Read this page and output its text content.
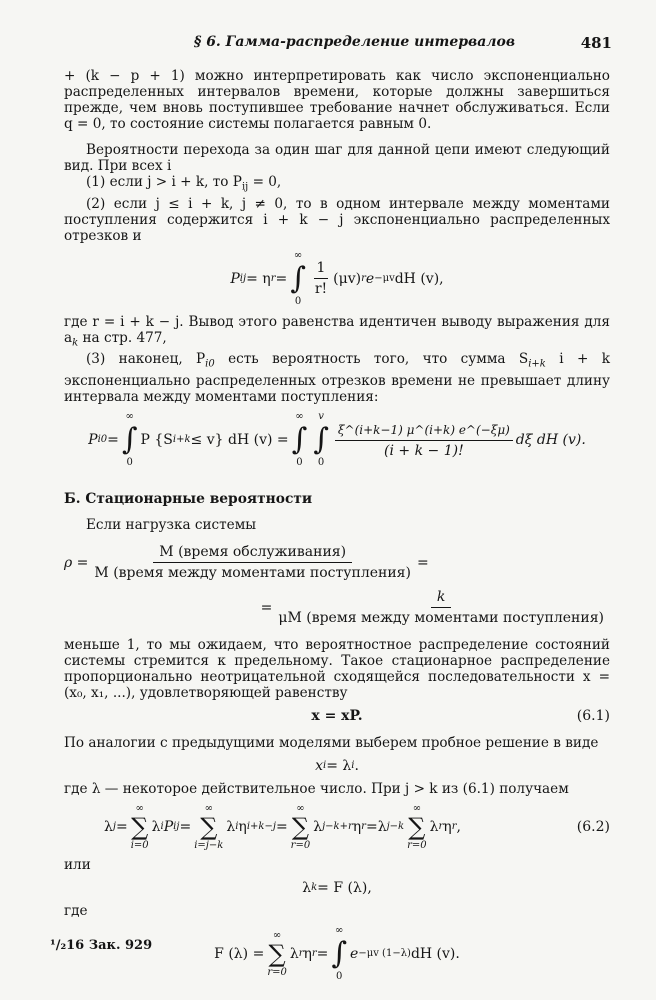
§ 6. Гамма-распределение интервалов	481

+ (k − p + 1) можно интерпретировать как число экспоненциально распределенных интервалов времени, которые должны завершиться прежде, чем вновь поступившее требование начнет обслуживаться. Если q = 0, то состояние системы полагается равным 0.

Вероятности перехода за один шаг для данной цепи имеют следующий вид. При всех i

(1) если j > i + k, то $P_{ij} = 0$,

(2) если j ≤ i + k, j ≠ 0, то в одном интервале между моментами поступления содержится i + k − j экспоненциально распределенных отрезков и

P ij = η r =
∞
∫
0
$\frac{1}{r!} (\mu v)$ r e −μv dH (v),

где r = i + k − j. Вывод этого равенства идентичен выводу выражения для $a_k$ на стр. 477,

(3) наконец, $P_{i0}$ есть вероятность того, что сумма $S_{i+k}$ i + k экспоненциально распределенных отрезков времени не превышает длину интервала между моментами поступления:

P i0 =
∞
∫
0
P {S i+k ≤ v} dH (v) =
∞
∫
0
v
∫
0
$\frac{\xi\^{}(i+k-1) \mu\^{}(i+k) e\^{}(-\xi\mu)}{(i + k - 1)!}$ dξ dH (v).

Б. Стационарные вероятности

Если нагрузка системы

$\rho = \frac{\text{M (время обслуживания)}}{\text{M (время между моментами поступления)}}$ =
= $\frac{k}{\text{μM (время между моментами поступления)}}$

меньше 1, то мы ожидаем, что вероятностное распределение состояний системы стремится к предельному. Такое стационарное распределение пропорционально неотрицательной сходящейся последовательности x = (x₀, x₁, ...), удовлетворяющей равенству

x = xP.	(6.1)

По аналогии с предыдущими моделями выберем пробное решение в виде

x i = λ i .

где λ — некоторое действительное число. При j > k из (6.1) получаем

λ j =
∞
∑
i=0
λ i P ij =
∞
∑
i=j−k
λ i η i+k−j =
∞
∑
r=0
λ j−k+r η r = λ j−k
∞
∑
r=0
λ r η r ,	(6.2)

или

λ k = F (λ),

где

F (λ) =
∞
∑
r=0
λ r η r =
∞
∫
0
e −μv (1−λ) dH (v).
¹/₂16 Зак. 929
